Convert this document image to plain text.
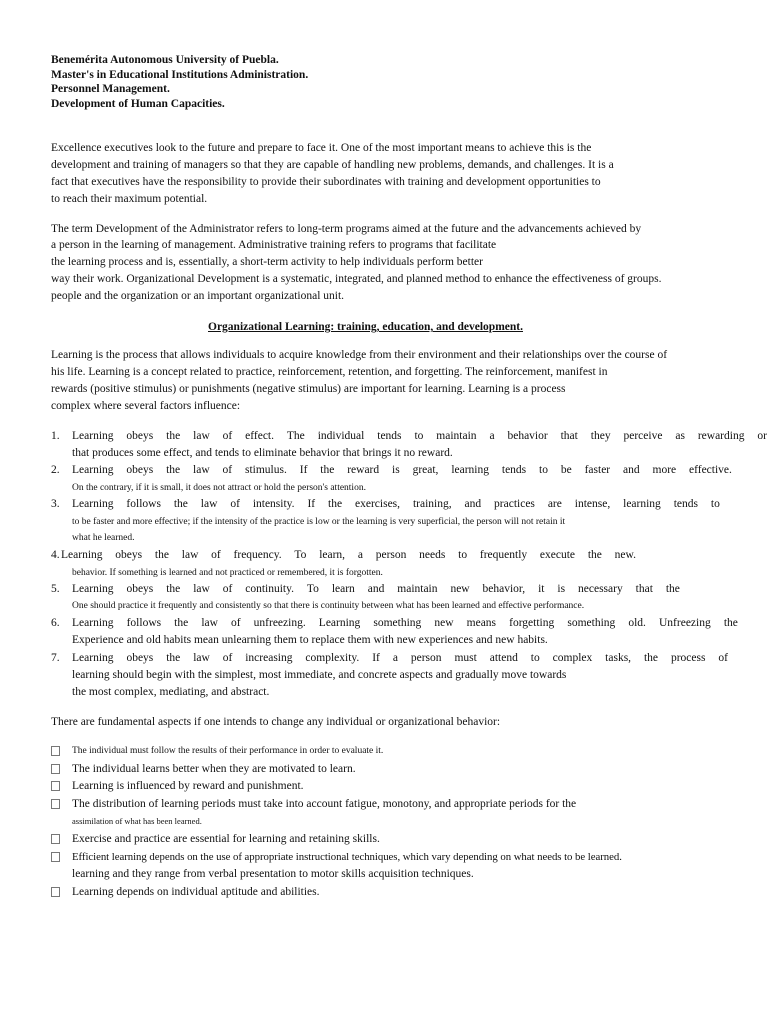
Benemérita Autonomous University of Puebla.
Master's in Educational Institutions Administration.
Personnel Management.
Development of Human Capacities.
Excellence executives look to the future and prepare to face it. One of the most important means to achieve this is the
development and training of managers so that they are capable of handling new problems, demands, and challenges. It is a
fact that executives have the responsibility to provide their subordinates with training and development opportunities to
to reach their maximum potential.
The term Development of the Administrator refers to long-term programs aimed at the future and the advancements achieved by
a person in the learning of management. Administrative training refers to programs that facilitate
the learning process and is, essentially, a short-term activity to help individuals perform better
way their work. Organizational Development is a systematic, integrated, and planned method to enhance the effectiveness of groups.
people and the organization or an important organizational unit.
Organizational Learning: training, education, and development.
Learning is the process that allows individuals to acquire knowledge from their environment and their relationships over the course of
his life. Learning is a concept related to practice, reinforcement, retention, and forgetting. The reinforcement, manifest in
rewards (positive stimulus) or punishments (negative stimulus) are important for learning. Learning is a process
complex where several factors influence:
1. Learning obeys the law of effect. The individual tends to maintain a behavior that they perceive as rewarding or
that produces some effect, and tends to eliminate behavior that brings it no reward.
2. Learning obeys the law of stimulus. If the reward is great, learning tends to be faster and more effective.
On the contrary, if it is small, it does not attract or hold the person's attention.
3. Learning follows the law of intensity. If the exercises, training, and practices are intense, learning tends to
to be faster and more effective; if the intensity of the practice is low or the learning is very superficial, the person will not retain it
what he learned.
4. Learning obeys the law of frequency. To learn, a person needs to frequently execute the new.
behavior. If something is learned and not practiced or remembered, it is forgotten.
5. Learning obeys the law of continuity. To learn and maintain new behavior, it is necessary that the
One should practice it frequently and consistently so that there is continuity between what has been learned and effective performance.
6. Learning follows the law of unfreezing. Learning something new means forgetting something old. Unfreezing the
Experience and old habits mean unlearning them to replace them with new experiences and new habits.
7. Learning obeys the law of increasing complexity. If a person must attend to complex tasks, the process of
learning should begin with the simplest, most immediate, and concrete aspects and gradually move towards
the most complex, mediating, and abstract.
There are fundamental aspects if one intends to change any individual or organizational behavior:
The individual must follow the results of their performance in order to evaluate it.
The individual learns better when they are motivated to learn.
Learning is influenced by reward and punishment.
The distribution of learning periods must take into account fatigue, monotony, and appropriate periods for the
assimilation of what has been learned.
Exercise and practice are essential for learning and retaining skills.
Efficient learning depends on the use of appropriate instructional techniques, which vary depending on what needs to be learned.
learning and they range from verbal presentation to motor skills acquisition techniques.
Learning depends on individual aptitude and abilities.
